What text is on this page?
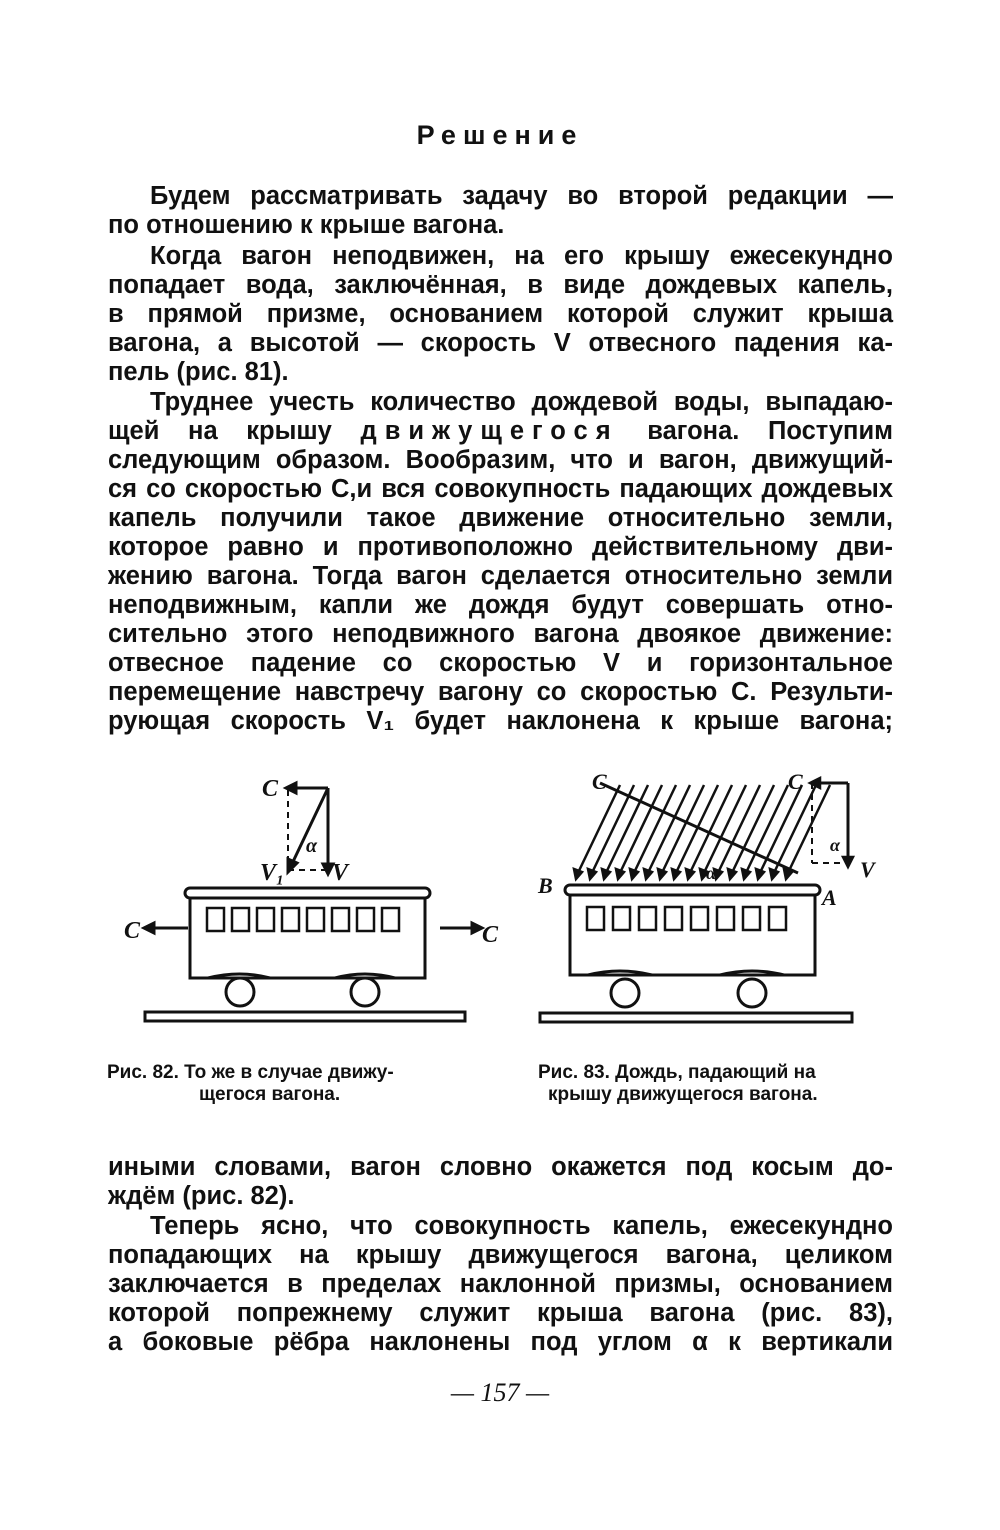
Решение
Будем рассматривать задачу во второй редакции —
по отношению к крыше вагона.
Когда вагон неподвижен, на его крышу ежесекундно
попадает вода, заключённая, в виде дождевых капель,
в прямой призме, основанием которой служит крыша
вагона, а высотой — скорость V отвесного падения ка-
пель (рис. 81).
Труднее учесть количество дождевой воды, выпадаю-
щей на крышу движущегося вагона. Поступим
следующим образом. Вообразим, что и вагон, движущий-
ся со скоростью С,и вся совокупность падающих дождевых
капель получили такое движение относительно земли,
которое равно и противоположно действительному дви-
жению вагона. Тогда вагон сделается относительно земли
неподвижным, капли же дождя будут совершать отно-
сительно этого неподвижного вагона двоякое движение:
отвесное падение со скоростью V и горизонтальное
перемещение навстречу вагону со скоростью С. Результи-
рующая скорость V₁ будет наклонена к крыше вагона;
C
α
V₁ V
C	C
Рис. 82. То же в случае движу-
щегося вагона.
C	C
α
α
V
B	A
Рис. 83. Дождь, падающий на
крышу движущегося вагона.
иными словами, вагон словно окажется под косым до-
ждём (рис. 82).
Теперь ясно, что совокупность капель, ежесекундно
попадающих на крышу движущегося вагона, целиком
заключается в пределах наклонной призмы, основанием
которой попрежнему служит крыша вагона (рис. 83),
а боковые рёбра наклонены под углом α к вертикали
— 157 —
